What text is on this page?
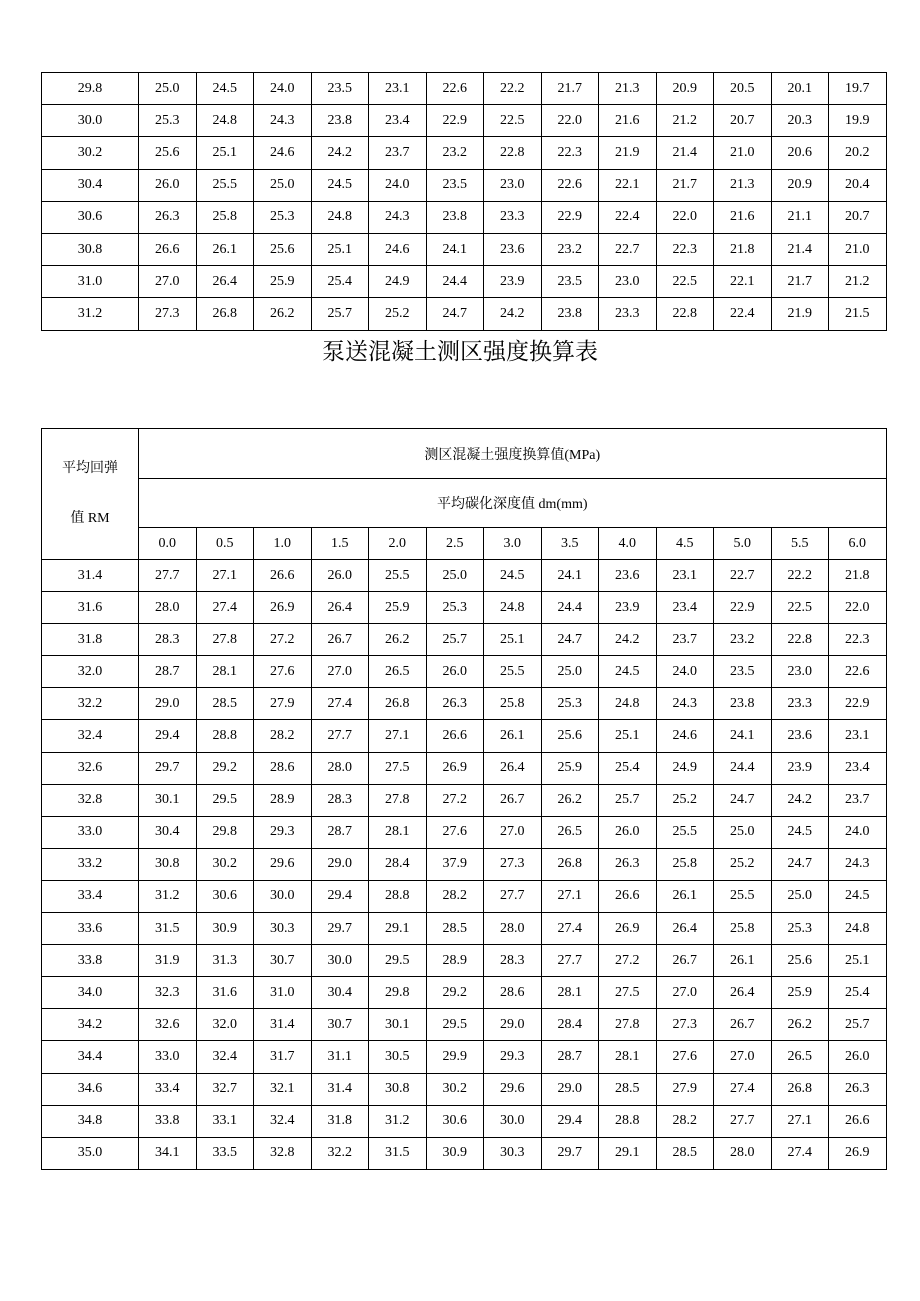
29.8	25.0	24.5	24.0	23.5	23.1	22.6	22.2	21.7	21.3	20.9	20.5	20.1	19.7
30.0	25.3	24.8	24.3	23.8	23.4	22.9	22.5	22.0	21.6	21.2	20.7	20.3	19.9
30.2	25.6	25.1	24.6	24.2	23.7	23.2	22.8	22.3	21.9	21.4	21.0	20.6	20.2
30.4	26.0	25.5	25.0	24.5	24.0	23.5	23.0	22.6	22.1	21.7	21.3	20.9	20.4
30.6	26.3	25.8	25.3	24.8	24.3	23.8	23.3	22.9	22.4	22.0	21.6	21.1	20.7
30.8	26.6	26.1	25.6	25.1	24.6	24.1	23.6	23.2	22.7	22.3	21.8	21.4	21.0
31.0	27.0	26.4	25.9	25.4	24.9	24.4	23.9	23.5	23.0	22.5	22.1	21.7	21.2
31.2	27.3	26.8	26.2	25.7	25.2	24.7	24.2	23.8	23.3	22.8	22.4	21.9	21.5
泵送混凝土测区强度换算表
平均回弹
值 RM	测区混凝土强度换算值(MPa)												
	平均碳化深度值 dm(mm)												
	0.0	0.5	1.0	1.5	2.0	2.5	3.0	3.5	4.0	4.5	5.0	5.5	6.0
31.4	27.7	27.1	26.6	26.0	25.5	25.0	24.5	24.1	23.6	23.1	22.7	22.2	21.8
31.6	28.0	27.4	26.9	26.4	25.9	25.3	24.8	24.4	23.9	23.4	22.9	22.5	22.0
31.8	28.3	27.8	27.2	26.7	26.2	25.7	25.1	24.7	24.2	23.7	23.2	22.8	22.3
32.0	28.7	28.1	27.6	27.0	26.5	26.0	25.5	25.0	24.5	24.0	23.5	23.0	22.6
32.2	29.0	28.5	27.9	27.4	26.8	26.3	25.8	25.3	24.8	24.3	23.8	23.3	22.9
32.4	29.4	28.8	28.2	27.7	27.1	26.6	26.1	25.6	25.1	24.6	24.1	23.6	23.1
32.6	29.7	29.2	28.6	28.0	27.5	26.9	26.4	25.9	25.4	24.9	24.4	23.9	23.4
32.8	30.1	29.5	28.9	28.3	27.8	27.2	26.7	26.2	25.7	25.2	24.7	24.2	23.7
33.0	30.4	29.8	29.3	28.7	28.1	27.6	27.0	26.5	26.0	25.5	25.0	24.5	24.0
33.2	30.8	30.2	29.6	29.0	28.4	37.9	27.3	26.8	26.3	25.8	25.2	24.7	24.3
33.4	31.2	30.6	30.0	29.4	28.8	28.2	27.7	27.1	26.6	26.1	25.5	25.0	24.5
33.6	31.5	30.9	30.3	29.7	29.1	28.5	28.0	27.4	26.9	26.4	25.8	25.3	24.8
33.8	31.9	31.3	30.7	30.0	29.5	28.9	28.3	27.7	27.2	26.7	26.1	25.6	25.1
34.0	32.3	31.6	31.0	30.4	29.8	29.2	28.6	28.1	27.5	27.0	26.4	25.9	25.4
34.2	32.6	32.0	31.4	30.7	30.1	29.5	29.0	28.4	27.8	27.3	26.7	26.2	25.7
34.4	33.0	32.4	31.7	31.1	30.5	29.9	29.3	28.7	28.1	27.6	27.0	26.5	26.0
34.6	33.4	32.7	32.1	31.4	30.8	30.2	29.6	29.0	28.5	27.9	27.4	26.8	26.3
34.8	33.8	33.1	32.4	31.8	31.2	30.6	30.0	29.4	28.8	28.2	27.7	27.1	26.6
35.0	34.1	33.5	32.8	32.2	31.5	30.9	30.3	29.7	29.1	28.5	28.0	27.4	26.9
